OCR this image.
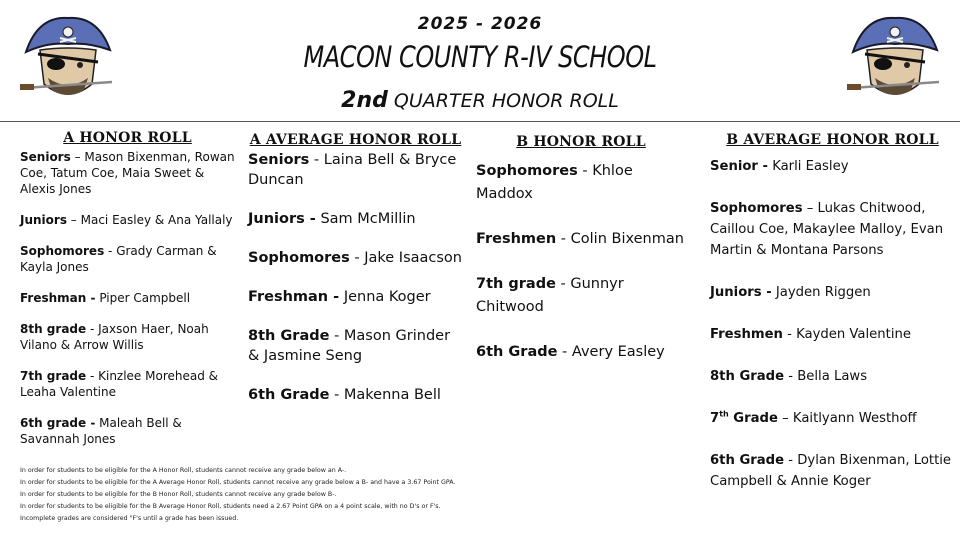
2025 - 2026
MACON COUNTY R-IV SCHOOL
2nd QUARTER HONOR ROLL
A HONOR ROLL

Seniors – Mason Bixenman, Rowan Coe, Tatum Coe, Maia Sweet & Alexis Jones

Juniors – Maci Easley & Ana Yallaly

Sophomores - Grady Carman & Kayla Jones

Freshman - Piper Campbell

8th grade - Jaxson Haer, Noah Vilano & Arrow Willis

7th grade - Kinzlee Morehead & Leaha Valentine

6th grade - Maleah Bell & Savannah Jones

A AVERAGE HONOR ROLL

Seniors - Laina Bell & Bryce Duncan

Juniors - Sam McMillin

Sophomores - Jake Isaacson

Freshman - Jenna Koger

8th Grade - Mason Grinder & Jasmine Seng

6th Grade - Makenna Bell

B HONOR ROLL

Sophomores - Khloe Maddox

Freshmen - Colin Bixenman

7th grade - Gunnyr Chitwood

6th Grade - Avery Easley

B AVERAGE HONOR ROLL

Senior - Karli Easley

Sophomores – Lukas Chitwood, Caillou Coe, Makaylee Malloy, Evan Martin & Montana Parsons

Juniors - Jayden Riggen

Freshmen - Kayden Valentine

8th Grade - Bella Laws

7th Grade – Kaitlyann Westhoff

6th Grade - Dylan Bixenman, Lottie Campbell & Annie Koger

In order for students to be eligible for the A Honor Roll, students cannot receive any grade below an A-.
In order for students to be eligible for the A Average Honor Roll, students cannot receive any grade below a B- and have a 3.67 Point GPA.
In order for students to be eligible for the B Honor Roll, students cannot receive any grade below B-.
In order for students to be eligible for the B Average Honor Roll, students need a 2.67 Point GPA on a 4 point scale, with no D's or F's.
Incomplete grades are considered "F's until a grade has been issued.
